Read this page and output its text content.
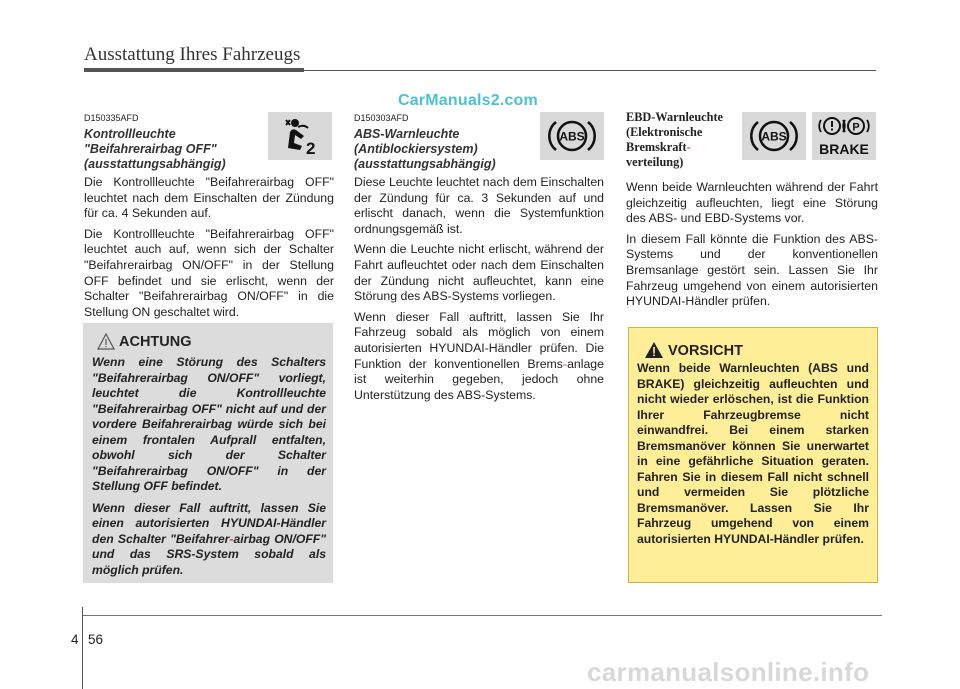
Ausstattung Ihres Fahrzeugs
CarManuals2.com
D150335AFD
Kontrollleuchte
"Beifahrerairbag OFF"
(ausstattungsabhängig)
2

Die Kontrollleuchte "Beifahrerairbag OFF" leuchtet nach dem Einschalten der Zündung für ca. 4 Sekunden auf.

Die Kontrollleuchte "Beifahrerairbag OFF" leuchtet auch auf, wenn sich der Schalter "Beifahrerairbag ON/OFF" in der Stellung OFF befindet und sie erlischt, wenn der Schalter "Beifahrerairbag ON/OFF" in die Stellung ON geschaltet wird.

ACHTUNG

Wenn eine Störung des Schalters "Beifahrerairbag ON/OFF" vorliegt, leuchtet die Kontrollleuchte "Beifahrerairbag OFF" nicht auf und der vordere Beifahrerairbag würde sich bei einem frontalen Aufprall entfalten, obwohl sich der Schalter "Beifahrerairbag ON/OFF" in der Stellung OFF befindet.

Wenn dieser Fall auftritt, lassen Sie einen autorisierten HYUNDAI-Händler den Schalter "Beifahrer-airbag ON/OFF" und das SRS-System sobald als möglich prüfen.

D150303AFD
ABS-Warnleuchte
(Antiblockiersystem)
(ausstattungsabhängig)
ABS

Diese Leuchte leuchtet nach dem Einschalten der Zündung für ca. 3 Sekunden auf und erlischt danach, wenn die Systemfunktion ordnungsgemäß ist.

Wenn die Leuchte nicht erlischt, während der Fahrt aufleuchtet oder nach dem Einschalten der Zündung nicht aufleuchtet, kann eine Störung des ABS-Systems vorliegen.

Wenn dieser Fall auftritt, lassen Sie Ihr Fahrzeug sobald als möglich von einem autorisierten HYUNDAI-Händler prüfen. Die Funktion der konventionellen Brems-anlage ist weiterhin gegeben, jedoch ohne Unterstützung des ABS-Systems.

EBD-Warnleuchte
(Elektronische
Bremskraft-
verteilung)
ABS
P
BRAKE

Wenn beide Warnleuchten während der Fahrt gleichzeitig aufleuchten, liegt eine Störung des ABS- und EBD-Systems vor.

In diesem Fall könnte die Funktion des ABS-Systems und der konventionellen Bremsanlage gestört sein. Lassen Sie Ihr Fahrzeug umgehend von einem autorisierten HYUNDAI-Händler prüfen.

VORSICHT
Wenn beide Warnleuchten (ABS und BRAKE) gleichzeitig aufleuchten und nicht wieder erlöschen, ist die Funktion Ihrer Fahrzeugbremse nicht einwandfrei. Bei einem starken Bremsmanöver können Sie unerwartet in eine gefährliche Situation geraten. Fahren Sie in diesem Fall nicht schnell und vermeiden Sie plötzliche Bremsmanöver. Lassen Sie Ihr Fahrzeug umgehend von einem autorisierten HYUNDAI-Händler prüfen.
4 56
carmanualsonline.info
